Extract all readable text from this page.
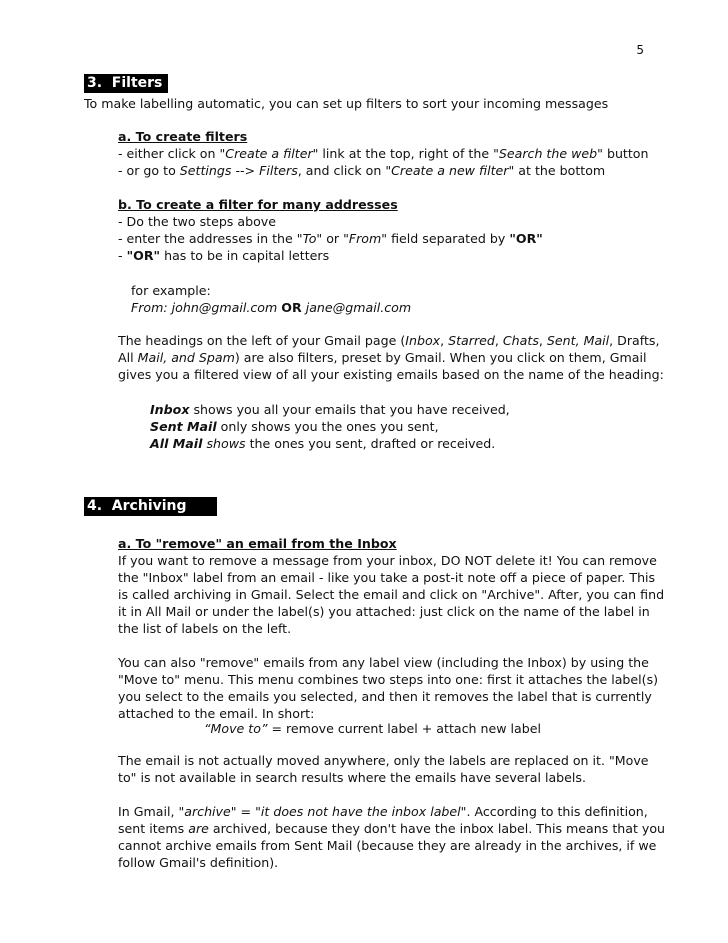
5
3.  Filters
To make labelling automatic, you can set up filters to sort your incoming messages
a. To create filters
- either click on "Create a filter" link at the top, right of the "Search the web" button
- or go to Settings --> Filters, and click on "Create a new filter" at the bottom
b. To create a filter for many addresses
- Do the two steps above
- enter the addresses in the "To" or "From" field separated by "OR"
- "OR" has to be in capital letters
for example:
From: john@gmail.com OR jane@gmail.com
The headings on the left of your Gmail page (Inbox, Starred, Chats, Sent, Mail, Drafts,
All Mail, and Spam) are also filters, preset by Gmail. When you click on them, Gmail
gives you a filtered view of all your existing emails based on the name of the heading:
Inbox shows you all your emails that you have received,
Sent Mail only shows you the ones you sent,
All Mail shows the ones you sent, drafted or received.
4.  Archiving
a. To "remove" an email from the Inbox
If you want to remove a message from your inbox, DO NOT delete it! You can remove
the "Inbox" label from an email - like you take a post-it note off a piece of paper. This
is called archiving in Gmail. Select the email and click on "Archive". After, you can find
it in All Mail or under the label(s) you attached: just click on the name of the label in
the list of labels on the left.
You can also "remove" emails from any label view (including the Inbox) by using the
"Move to" menu. This menu combines two steps into one: first it attaches the label(s)
you select to the emails you selected, and then it removes the label that is currently
attached to the email. In short:
“Move to” = remove current label + attach new label
The email is not actually moved anywhere, only the labels are replaced on it. "Move
to" is not available in search results where the emails have several labels.
In Gmail, "archive" = "it does not have the inbox label". According to this definition,
sent items are archived, because they don't have the inbox label. This means that you
cannot archive emails from Sent Mail (because they are already in the archives, if we
follow Gmail's definition).
